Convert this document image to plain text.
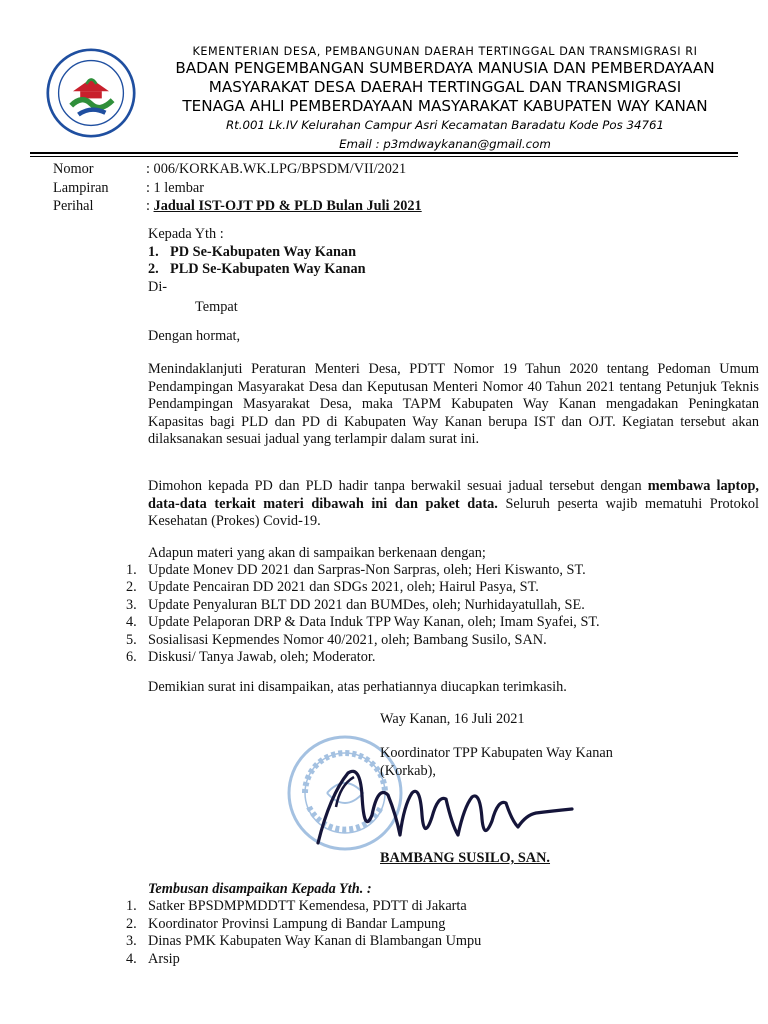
KEMENTERIAN DESA, PEMBANGUNAN DAERAH TERTINGGAL DAN TRANSMIGRASI RI
BADAN PENGEMBANGAN SUMBERDAYA MANUSIA DAN PEMBERDAYAAN
MASYARAKAT DESA DAERAH TERTINGGAL DAN TRANSMIGRASI
TENAGA AHLI PEMBERDAYAAN MASYARAKAT KABUPATEN WAY KANAN
Rt.001 Lk.IV Kelurahan Campur Asri Kecamatan Baradatu Kode Pos 34761
Email : p3mdwaykanan@gmail.com
Nomor	: 006/KORKAB.WK.LPG/BPSDM/VII/2021
Lampiran	: 1 lembar
Perihal	: Jadual IST-OJT PD & PLD Bulan Juli 2021
Kepada Yth :
1. PD Se-Kabupaten Way Kanan
2. PLD Se-Kabupaten Way Kanan
Di-
Tempat
Dengan hormat,
Menindaklanjuti Peraturan Menteri Desa, PDTT Nomor 19 Tahun 2020 tentang Pedoman Umum Pendampingan Masyarakat Desa dan Keputusan Menteri Nomor 40 Tahun 2021 tentang Petunjuk Teknis Pendampingan Masyarakat Desa, maka TAPM Kabupaten Way Kanan mengadakan Peningkatan Kapasitas bagi PLD dan PD di Kabupaten Way Kanan berupa IST dan OJT. Kegiatan tersebut akan dilaksanakan sesuai jadual yang terlampir dalam surat ini.
Dimohon kepada PD dan PLD hadir tanpa berwakil sesuai jadual tersebut dengan membawa laptop, data-data terkait materi dibawah ini dan paket data. Seluruh peserta wajib mematuhi Protokol Kesehatan (Prokes) Covid-19.
Adapun materi yang akan di sampaikan berkenaan dengan;
1. Update Monev DD 2021 dan Sarpras-Non Sarpras, oleh; Heri Kiswanto, ST.
2. Update Pencairan DD 2021 dan SDGs 2021, oleh; Hairul Pasya, ST.
3. Update Penyaluran BLT DD 2021 dan BUMDes, oleh; Nurhidayatullah, SE.
4. Update Pelaporan DRP & Data Induk TPP Way Kanan, oleh; Imam Syafei, ST.
5. Sosialisasi Kepmendes Nomor 40/2021, oleh; Bambang Susilo, SAN.
6. Diskusi/ Tanya Jawab, oleh; Moderator.
Demikian surat ini disampaikan, atas perhatiannya diucapkan terimkasih.
Way Kanan, 16 Juli 2021
Koordinator TPP Kabupaten Way Kanan
(Korkab),
BAMBANG SUSILO, SAN.
Tembusan disampaikan Kepada Yth. :
1. Satker BPSDMPMDDTT Kemendesa, PDTT di Jakarta
2. Koordinator Provinsi Lampung di Bandar Lampung
3. Dinas PMK Kabupaten Way Kanan di Blambangan Umpu
4. Arsip
